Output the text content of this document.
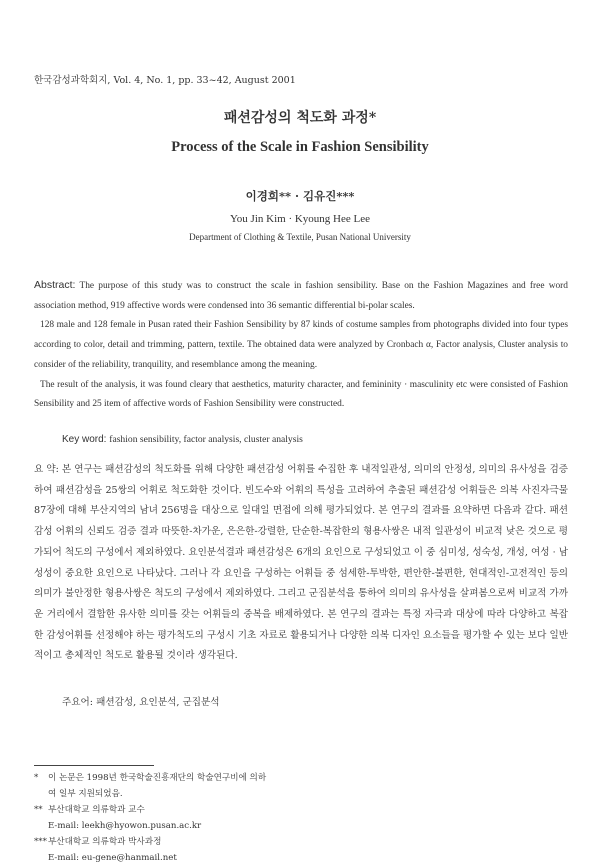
한국감성과학회지, Vol. 4, No. 1, pp. 33~42, August 2001
패션감성의 척도화 과정*
Process of the Scale in Fashion Sensibility
이경희** · 김유진***
You Jin Kim · Kyoung Hee Lee
Department of Clothing & Textile, Pusan National University

Abstract: The purpose of this study was to construct the scale in fashion sensibility. Base on the Fashion Magazines and free word association method, 919 affective words were condensed into 36 semantic differential bi-polar scales.

128 male and 128 female in Pusan rated their Fashion Sensibility by 87 kinds of costume samples from photographs divided into four types according to color, detail and trimming, pattern, textile. The obtained data were analyzed by Cronbach α, Factor analysis, Cluster analysis to consider of the reliability, tranquility, and resemblance among the meaning.

The result of the analysis, it was found cleary that aesthetics, maturity character, and femininity · masculinity etc were consisted of Fashion Sensibility and 25 item of affective words of Fashion Sensibility were constructed.

Key word: fashion sensibility, factor analysis, cluster analysis

요 약: 본 연구는 패션감성의 척도화를 위해 다양한 패션감성 어휘를 수집한 후 내적일관성, 의미의 안정성, 의미의 유사성을 검증하여 패션감성을 25쌍의 어휘로 척도화한 것이다. 빈도수와 어휘의 특성을 고려하여 추출된 패션감성 어휘들은 의복 사진자극물 87장에 대해 부산지역의 남녀 256명을 대상으로 일대일 면접에 의해 평가되었다. 본 연구의 결과를 요약하면 다음과 같다. 패션감성 어휘의 신뢰도 검증 결과 따뜻한-차가운, 은은한-강렬한, 단순한-복잡한의 형용사쌍은 내적 일관성이 비교적 낮은 것으로 평가되어 척도의 구성에서 제외하였다. 요인분석결과 패션감성은 6개의 요인으로 구성되었고 이 중 심미성, 성숙성, 개성, 여성 · 남성성이 중요한 요인으로 나타났다. 그러나 각 요인을 구성하는 어휘들 중 섬세한-투박한, 편안한-불편한, 현대적인-고전적인 등의 의미가 불안정한 형용사쌍은 척도의 구성에서 제외하였다. 그리고 군집분석을 통하여 의미의 유사성을 살펴봄으로써 비교적 가까운 거리에서 결합한 유사한 의미를 갖는 어휘들의 중복을 배제하였다. 본 연구의 결과는 특정 자극과 대상에 따라 다양하고 복잡한 감성어휘를 선정해야 하는 평가척도의 구성시 기초 자료로 활용되거나 다양한 의복 디자인 요소들을 평가할 수 있는 보다 일반적이고 총체적인 척도로 활용될 것이라 생각된다.

주요어: 패션감성, 요인분석, 군집분석
* 이 논문은 1998년 한국학술진흥재단의 학술연구비에 의하
여 일부 지원되었음.
** 부산대학교 의류학과 교수
E-mail: leekh@hyowon.pusan.ac.kr
***부산대학교 의류학과 박사과정
E-mail: eu-gene@hanmail.net
